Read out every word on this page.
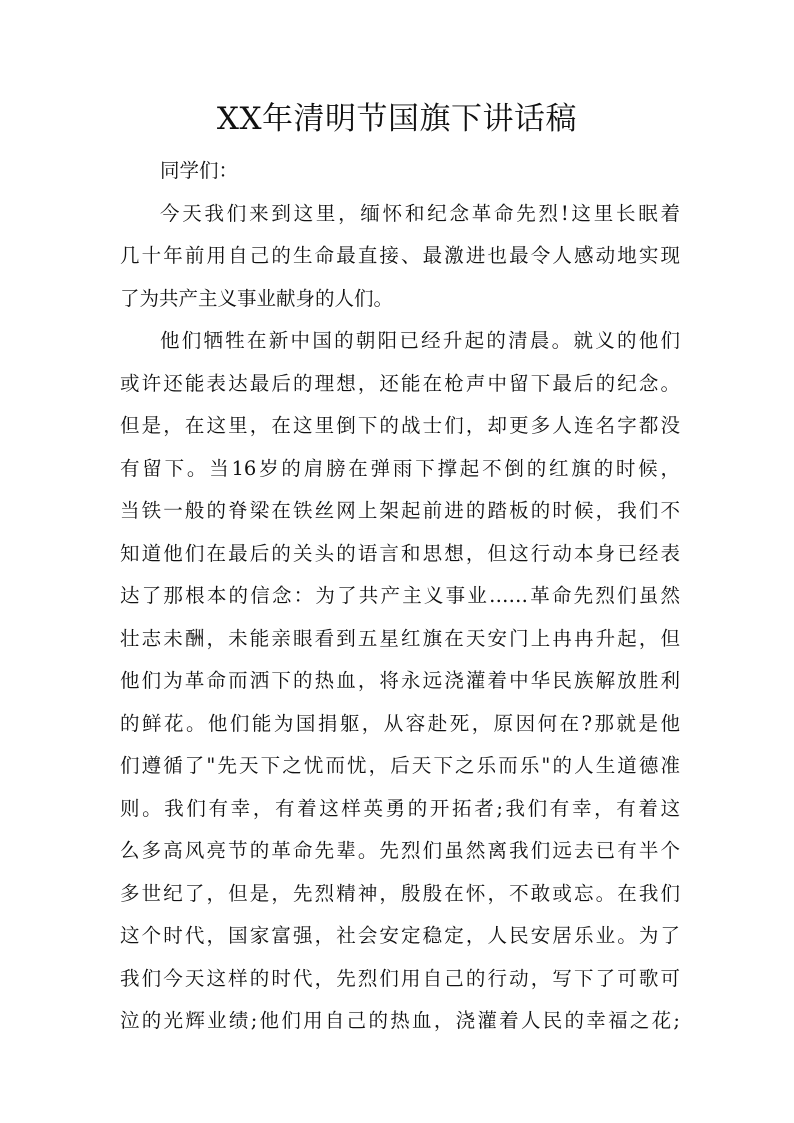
XX年清明节国旗下讲话稿

同学们：

今天我们来到这里，缅怀和纪念革命先烈!这里长眠着
几十年前用自己的生命最直接、最激进也最令人感动地实现
了为共产主义事业献身的人们。

他们牺牲在新中国的朝阳已经升起的清晨。就义的他们
或许还能表达最后的理想，还能在枪声中留下最后的纪念。
但是，在这里，在这里倒下的战士们，却更多人连名字都没
有留下。当16岁的肩膀在弹雨下撑起不倒的红旗的时候，
当铁一般的脊梁在铁丝网上架起前进的踏板的时候，我们不
知道他们在最后的关头的语言和思想，但这行动本身已经表
达了那根本的信念：为了共产主义事业……革命先烈们虽然
壮志未酬，未能亲眼看到五星红旗在天安门上冉冉升起，但
他们为革命而洒下的热血，将永远浇灌着中华民族解放胜利
的鲜花。他们能为国捐躯，从容赴死，原因何在?那就是他
们遵循了"先天下之忧而忧，后天下之乐而乐"的人生道德准
则。我们有幸，有着这样英勇的开拓者;我们有幸，有着这
么多高风亮节的革命先辈。先烈们虽然离我们远去已有半个
多世纪了，但是，先烈精神，殷殷在怀，不敢或忘。在我们
这个时代，国家富强，社会安定稳定，人民安居乐业。为了
我们今天这样的时代，先烈们用自己的行动，写下了可歌可
泣的光辉业绩;他们用自己的热血，浇灌着人民的幸福之花;
